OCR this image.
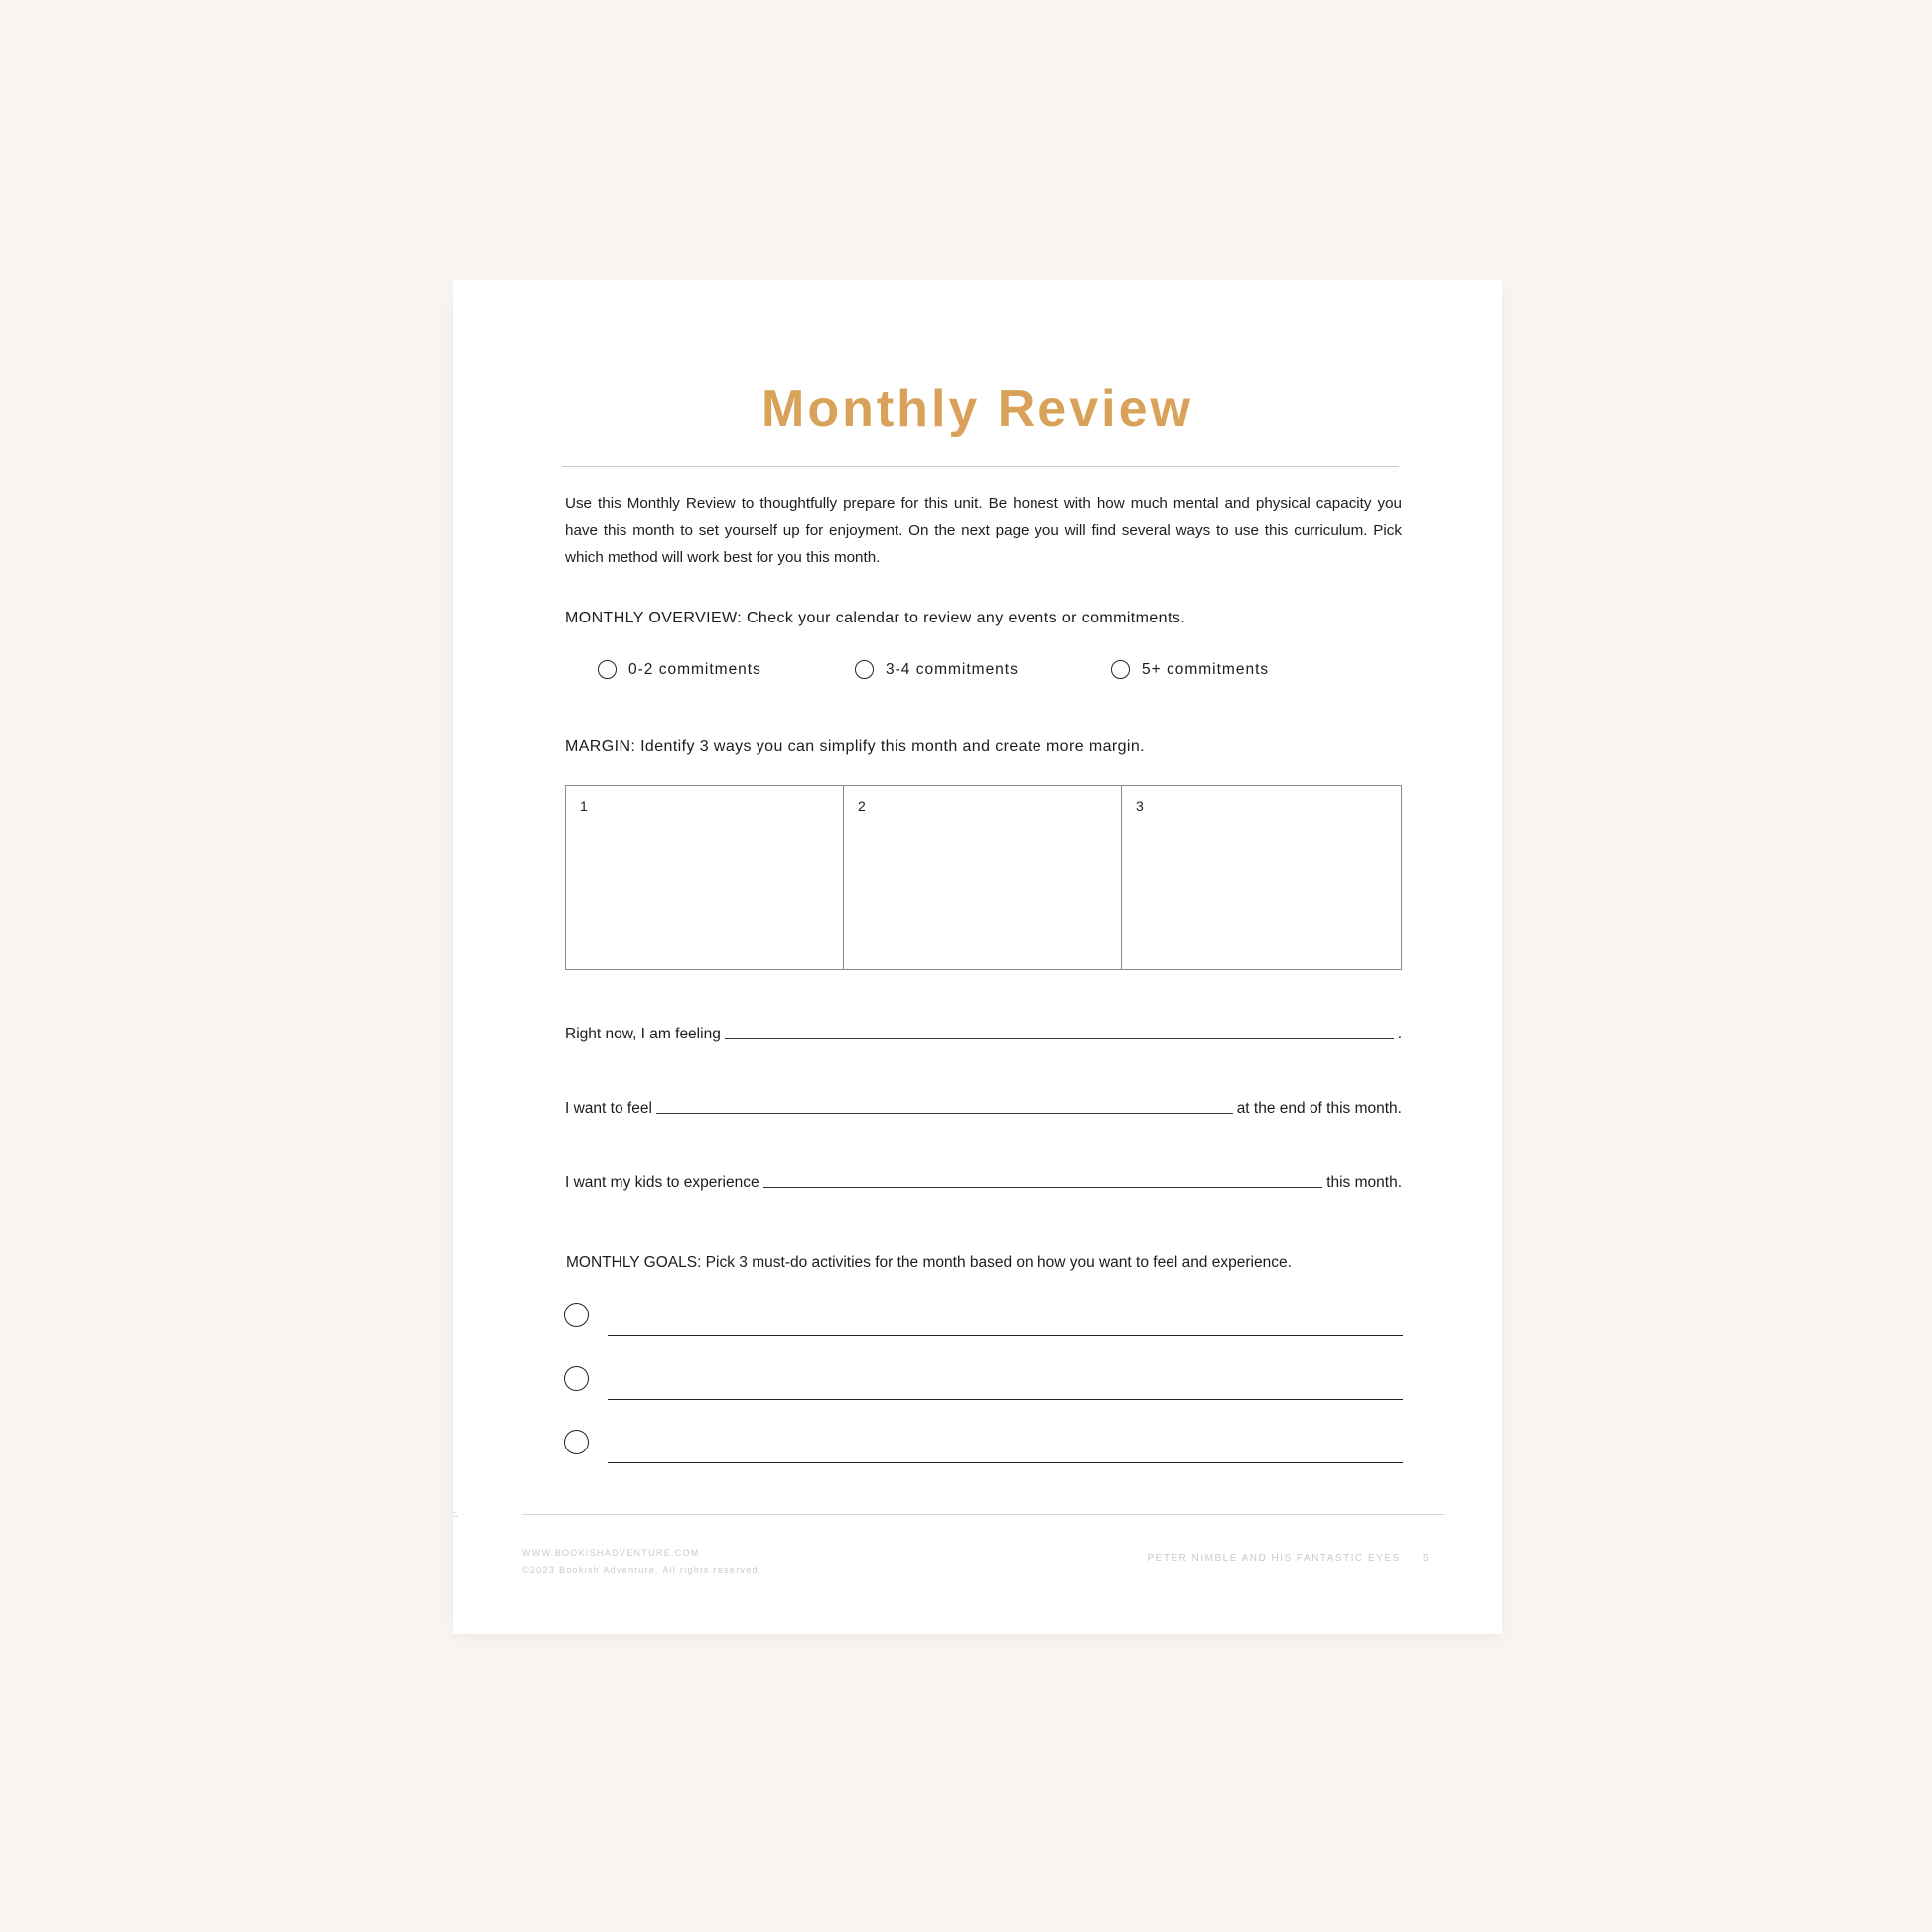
Monthly Review

Use this Monthly Review to thoughtfully prepare for this unit. Be honest with how much mental and physical capacity you have this month to set yourself up for enjoyment. On the next page you will find several ways to use this curriculum. Pick which method will work best for you this month.

MONTHLY OVERVIEW: Check your calendar to review any events or commitments.

0-2 commitments	3-4 commitments	5+ commitments

MARGIN: Identify 3 ways you can simplify this month and create more margin.

1	2	3
Right now, I am feeling	.
I want to feel	at the end of this month.
I want my kids to experience	this month.

MONTHLY GOALS: Pick 3 must-do activities for the month based on how you want to feel and experience.

:.
WWW.BOOKISHADVENTURE.COM
©2023 Bookish Adventure. All rights reserved.
PETER NIMBLE AND HIS FANTASTIC EYES 5
